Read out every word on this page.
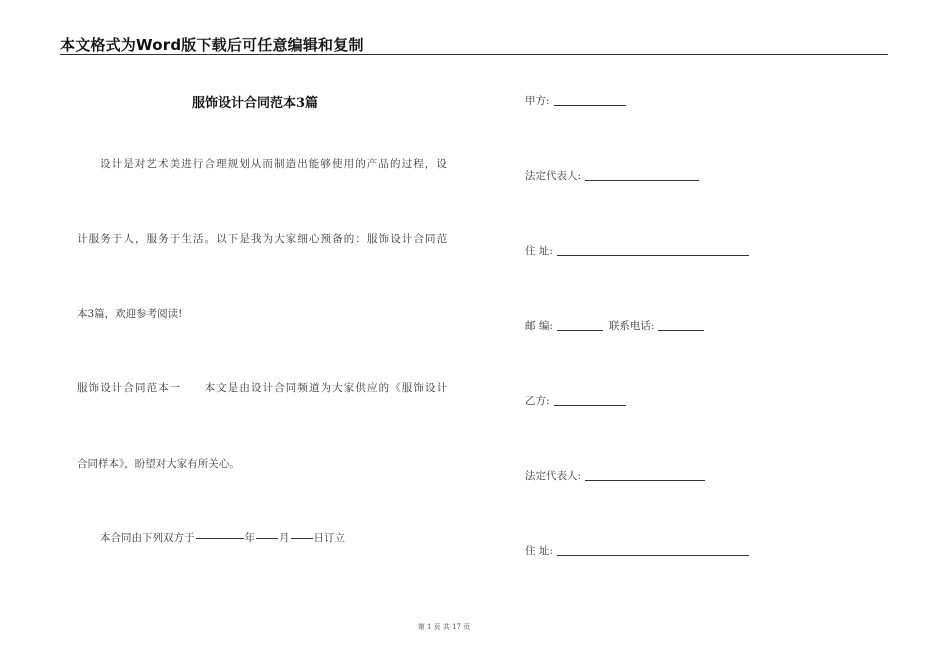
本文格式为Word版下载后可任意编辑和复制
服饰设计合同范本3篇
设计是对艺术美进行合理规划从而制造出能够使用的产品的过程，设
计服务于人，服务于生活。以下是我为大家细心预备的：服饰设计合同范
本3篇，欢迎参考阅读!
服饰设计合同范本一　　本文是由设计合同频道为大家供应的《服饰设计
合同样本》，盼望对大家有所关心。
本合同由下列双方于	年 月 日订立
甲方:
法定代表人:
住 址:
邮 编:	联系电话:
乙方:
法定代表人:
住 址:
第 1 页 共 17 页
